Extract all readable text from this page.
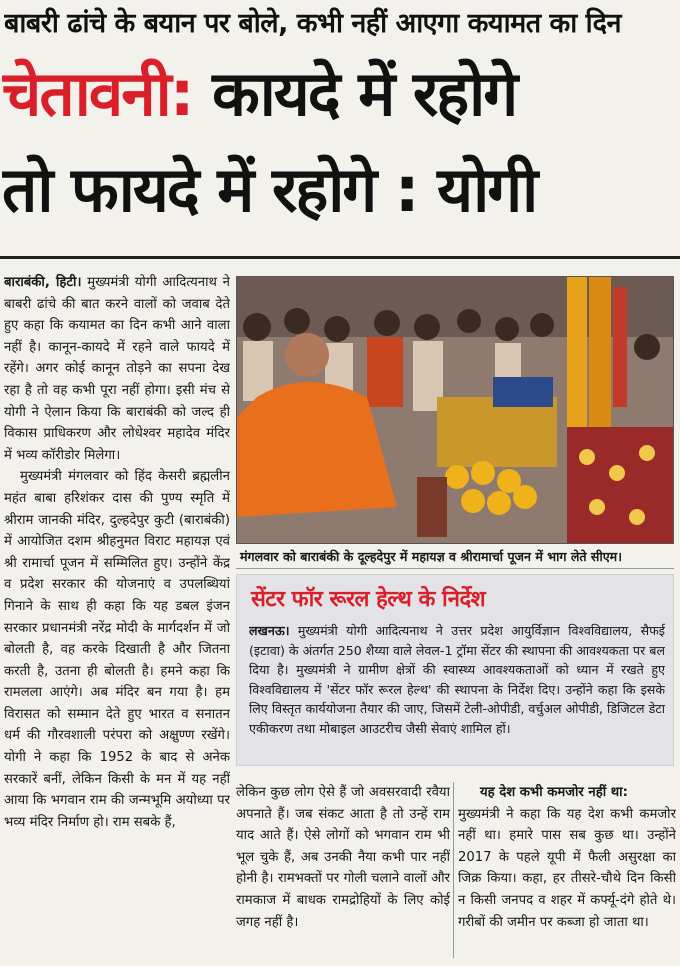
बाबरी ढांचे के बयान पर बोले, कभी नहीं आएगा कयामत का दिन
चेतावनी: कायदे में रहोगे
तो फायदे में रहोगे : योगी

बाराबंकी, हिटी। मुख्यमंत्री योगी आदित्यनाथ ने बाबरी ढांचे की बात करने वालों को जवाब देते हुए कहा कि कयामत का दिन कभी आने वाला नहीं है। कानून-कायदे में रहने वाले फायदे में रहेंगे। अगर कोई कानून तोड़ने का सपना देख रहा है तो वह कभी पूरा नहीं होगा। इसी मंच से योगी ने ऐलान किया कि बाराबंकी को जल्द ही विकास प्राधिकरण और लोधेश्वर महादेव मंदिर में भव्य कॉरीडोर मिलेगा।

मुख्यमंत्री मंगलवार को हिंद केसरी ब्रह्मलीन महंत बाबा हरिशंकर दास की पुण्य स्मृति में श्रीराम जानकी मंदिर, दुल्हदेपुर कुटी (बाराबंकी) में आयोजित दशम श्रीहनुमत विराट महायज्ञ एवं श्री रामार्चा पूजन में सम्मिलित हुए। उन्होंने केंद्र व प्रदेश सरकार की योजनाएं व उपलब्धियां गिनाने के साथ ही कहा कि यह डबल इंजन सरकार प्रधानमंत्री नरेंद्र मोदी के मार्गदर्शन में जो बोलती है, वह करके दिखाती है और जितना करती है, उतना ही बोलती है। हमने कहा कि रामलला आएंगे। अब मंदिर बन गया है। हम विरासत को सम्मान देते हुए भारत व सनातन धर्म की गौरवशाली परंपरा को अक्षुण्ण रखेंगे। योगी ने कहा कि 1952 के बाद से अनेक सरकारें बनीं, लेकिन किसी के मन में यह नहीं आया कि भगवान राम की जन्मभूमि अयोध्या पर भव्य मंदिर निर्माण हो। राम सबके हैं,

मंगलवार को बाराबंकी के दूल्हदेपुर में महायज्ञ व श्रीरामार्चा पूजन में भाग लेते सीएम।
सेंटर फॉर रूरल हेल्थ के निर्देश
लखनऊ। मुख्यमंत्री योगी आदित्यनाथ ने उत्तर प्रदेश आयुर्विज्ञान विश्वविद्यालय, सैफई (इटावा) के अंतर्गत 250 शैय्या वाले लेवल-1 ट्रॉमा सेंटर की स्थापना की आवश्यकता पर बल दिया है। मुख्यमंत्री ने ग्रामीण क्षेत्रों की स्वास्थ्य आवश्यकताओं को ध्यान में रखते हुए विश्वविद्यालय में 'सेंटर फॉर रूरल हेल्थ' की स्थापना के निर्देश दिए। उन्होंने कहा कि इसके लिए विस्तृत कार्ययोजना तैयार की जाए, जिसमें टेली-ओपीडी, वर्चुअल ओपीडी, डिजिटल डेटा एकीकरण तथा मोबाइल आउटरीच जैसी सेवाएं शामिल हों।
लेकिन कुछ लोग ऐसे हैं जो अवसरवादी रवैया अपनाते हैं। जब संकट आता है तो उन्हें राम याद आते हैं। ऐसे लोगों को भगवान राम भी भूल चुके हैं, अब उनकी नैया कभी पार नहीं होनी है। रामभक्तों पर गोली चलाने वालों और रामकाज में बाधक रामद्रोहियों के लिए कोई जगह नहीं है।
यह देश कभी कमजोर नहीं था:
मुख्यमंत्री ने कहा कि यह देश कभी कमजोर नहीं था। हमारे पास सब कुछ था। उन्होंने 2017 के पहले यूपी में फैली असुरक्षा का जिक्र किया। कहा, हर तीसरे-चौथे दिन किसी न किसी जनपद व शहर में कर्फ्यू-दंगे होते थे। गरीबों की जमीन पर कब्जा हो जाता था।
